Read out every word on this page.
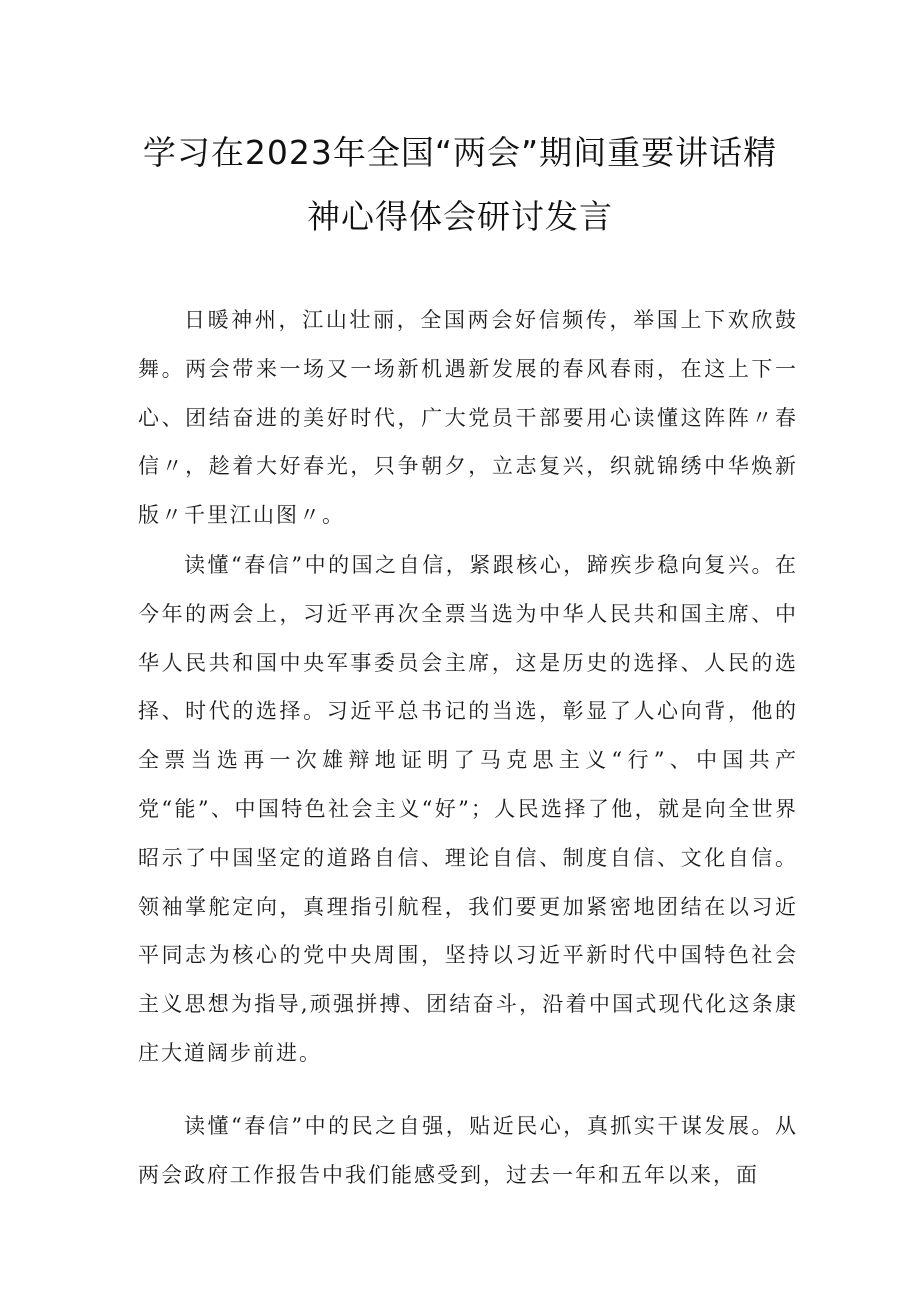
学习在2023年全国“两会”期间重要讲话精
神心得体会研讨发言

日暖神州，江山壮丽，全国两会好信频传，举国上下欢欣鼓舞。两会带来一场又一场新机遇新发展的春风春雨，在这上下一心、团结奋进的美好时代，广大党员干部要用心读懂这阵阵〃春信〃，趁着大好春光，只争朝夕，立志复兴，织就锦绣中华焕新版〃千里江山图〃。

读懂“春信”中的国之自信，紧跟核心，蹄疾步稳向复兴。在今年的两会上，习近平再次全票当选为中华人民共和国主席、中华人民共和国中央军事委员会主席，这是历史的选择、人民的选择、时代的选择。习近平总书记的当选，彰显了人心向背，他的全票当选再一次雄辩地证明了马克思主义“行”、中国共产党“能”、中国特色社会主义“好”；人民选择了他，就是向全世界昭示了中国坚定的道路自信、理论自信、制度自信、文化自信。领袖掌舵定向，真理指引航程，我们要更加紧密地团结在以习近平同志为核心的党中央周围，坚持以习近平新时代中国特色社会主义思想为指导,顽强拼搏、团结奋斗，沿着中国式现代化这条康庄大道阔步前进。

读懂“春信”中的民之自强，贴近民心，真抓实干谋发展。从两会政府工作报告中我们能感受到，过去一年和五年以来，面
